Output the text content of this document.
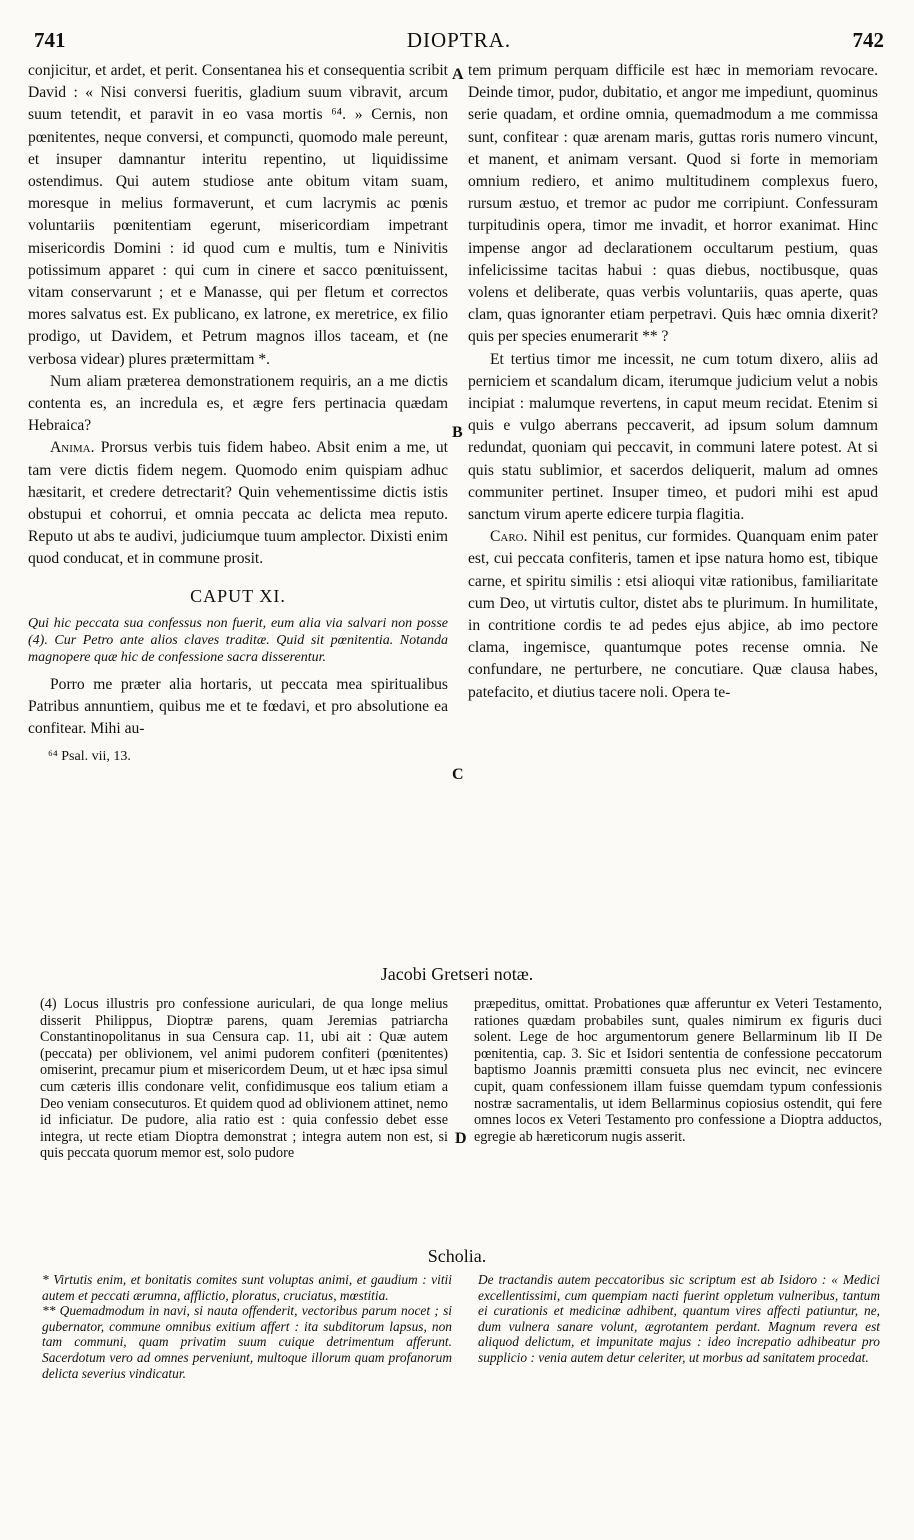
741	DIOPTRA.	742
A
B
C
D

conjicitur, et ardet, et perit. Consentanea his et consequentia scribit David : « Nisi conversi fueritis, gladium suum vibravit, arcum suum tetendit, et paravit in eo vasa mortis ⁶⁴. » Cernis, non pœnitentes, neque conversi, et compuncti, quomodo male pereunt, et insuper damnantur interitu repentino, ut liquidissime ostendimus. Qui autem studiose ante obitum vitam suam, moresque in melius formaverunt, et cum lacrymis ac pœnis voluntariis pœnitentiam egerunt, misericordiam impetrant misericordis Domini : id quod cum e multis, tum e Ninivitis potissimum apparet : qui cum in cinere et sacco pœnituissent, vitam conservarunt ; et e Manasse, qui per fletum et correctos mores salvatus est. Ex publicano, ex latrone, ex meretrice, ex filio prodigo, ut Davidem, et Petrum magnos illos taceam, et (ne verbosa videar) plures prætermittam *.

Num aliam præterea demonstrationem requiris, an a me dictis contenta es, an incredula es, et ægre fers pertinacia quædam Hebraica?

Anima. Prorsus verbis tuis fidem habeo. Absit enim a me, ut tam vere dictis fidem negem. Quomodo enim quispiam adhuc hæsitarit, et credere detrectarit? Quin vehementissime dictis istis obstupui et cohorrui, et omnia peccata ac delicta mea reputo. Reputo ut abs te audivi, judiciumque tuum amplector. Dixisti enim quod conducat, et in commune prosit.

CAPUT XI.
Qui hic peccata sua confessus non fuerit, eum alia via salvari non posse (4). Cur Petro ante alios claves traditæ. Quid sit pœnitentia. Notanda magnopere quæ hic de confessione sacra disserentur.

Porro me præter alia hortaris, ut peccata mea spiritualibus Patribus annuntiem, quibus me et te fœdavi, et pro absolutione ea confitear. Mihi au-

⁶⁴ Psal. vii, 13.

tem primum perquam difficile est hæc in memoriam revocare. Deinde timor, pudor, dubitatio, et angor me impediunt, quominus serie quadam, et ordine omnia, quemadmodum a me commissa sunt, confitear : quæ arenam maris, guttas roris numero vincunt, et manent, et animam versant. Quod si forte in memoriam omnium rediero, et animo multitudinem complexus fuero, rursum æstuo, et tremor ac pudor me corripiunt. Confessuram turpitudinis opera, timor me invadit, et horror exanimat. Hinc impense angor ad declarationem occultarum pestium, quas infelicissime tacitas habui : quas diebus, noctibusque, quas volens et deliberate, quas verbis voluntariis, quas aperte, quas clam, quas ignoranter etiam perpetravi. Quis hæc omnia dixerit? quis per species enumerarit ** ?

Et tertius timor me incessit, ne cum totum dixero, aliis ad perniciem et scandalum dicam, iterumque judicium velut a nobis incipiat : malumque revertens, in caput meum recidat. Etenim si quis e vulgo aberrans peccaverit, ad ipsum solum damnum redundat, quoniam qui peccavit, in communi latere potest. At si quis statu sublimior, et sacerdos deliquerit, malum ad omnes communiter pertinet. Insuper timeo, et pudori mihi est apud sanctum virum aperte edicere turpia flagitia.

Caro. Nihil est penitus, cur formides. Quanquam enim pater est, cui peccata confiteris, tamen et ipse natura homo est, tibique carne, et spiritu similis : etsi alioqui vitæ rationibus, familiaritate cum Deo, ut virtutis cultor, distet abs te plurimum. In humilitate, in contritione cordis te ad pedes ejus abjice, ab imo pectore clama, ingemisce, quantumque potes recense omnia. Ne confundare, ne perturbere, ne concutiare. Quæ clausa habes, patefacito, et diutius tacere noli. Opera te-

Jacobi Gretseri notæ.
(4) Locus illustris pro confessione auriculari, de qua longe melius disserit Philippus, Dioptræ parens, quam Jeremias patriarcha Constantinopolitanus in sua Censura cap. 11, ubi ait : Quæ autem (peccata) per oblivionem, vel animi pudorem confiteri (pœnitentes) omiserint, precamur pium et misericordem Deum, ut et hæc ipsa simul cum cæteris illis condonare velit, confidimusque eos talium etiam a Deo veniam consecuturos. Et quidem quod ad oblivionem attinet, nemo id inficiatur. De pudore, alia ratio est : quia confessio debet esse integra, ut recte etiam Dioptra demonstrat ; integra autem non est, si quis peccata quorum memor est, solo pudore
præpeditus, omittat. Probationes quæ afferuntur ex Veteri Testamento, rationes quædam probabiles sunt, quales nimirum ex figuris duci solent. Lege de hoc argumentorum genere Bellarminum lib II De pœnitentia, cap. 3. Sic et Isidori sententia de confessione peccatorum baptismo Joannis præmitti consueta plus nec evincit, nec evincere cupit, quam confessionem illam fuisse quemdam typum confessionis nostræ sacramentalis, ut idem Bellarminus copiosius ostendit, qui fere omnes locos ex Veteri Testamento pro confessione a Dioptra adductos, egregie ab hæreticorum nugis asserit.
Scholia.

* Virtutis enim, et bonitatis comites sunt voluptas animi, et gaudium : vitii autem et peccati ærumna, afflictio, ploratus, cruciatus, mœstitia.

** Quemadmodum in navi, si nauta offenderit, vectoribus parum nocet ; si gubernator, commune omnibus exitium affert : ita subditorum lapsus, non tam communi, quam privatim suum cuique detrimentum afferunt. Sacerdotum vero ad omnes perveniunt, multoque illorum quam profanorum delicta severius vindicatur.

De tractandis autem peccatoribus sic scriptum est ab Isidoro : « Medici excellentissimi, cum quempiam nacti fuerint oppletum vulneribus, tantum ei curationis et medicinæ adhibent, quantum vires affecti patiuntur, ne, dum vulnera sanare volunt, ægrotantem perdant. Magnum revera est aliquod delictum, et impunitate majus : ideo increpatio adhibeatur pro supplicio : venia autem detur celeriter, ut morbus ad sanitatem procedat.
